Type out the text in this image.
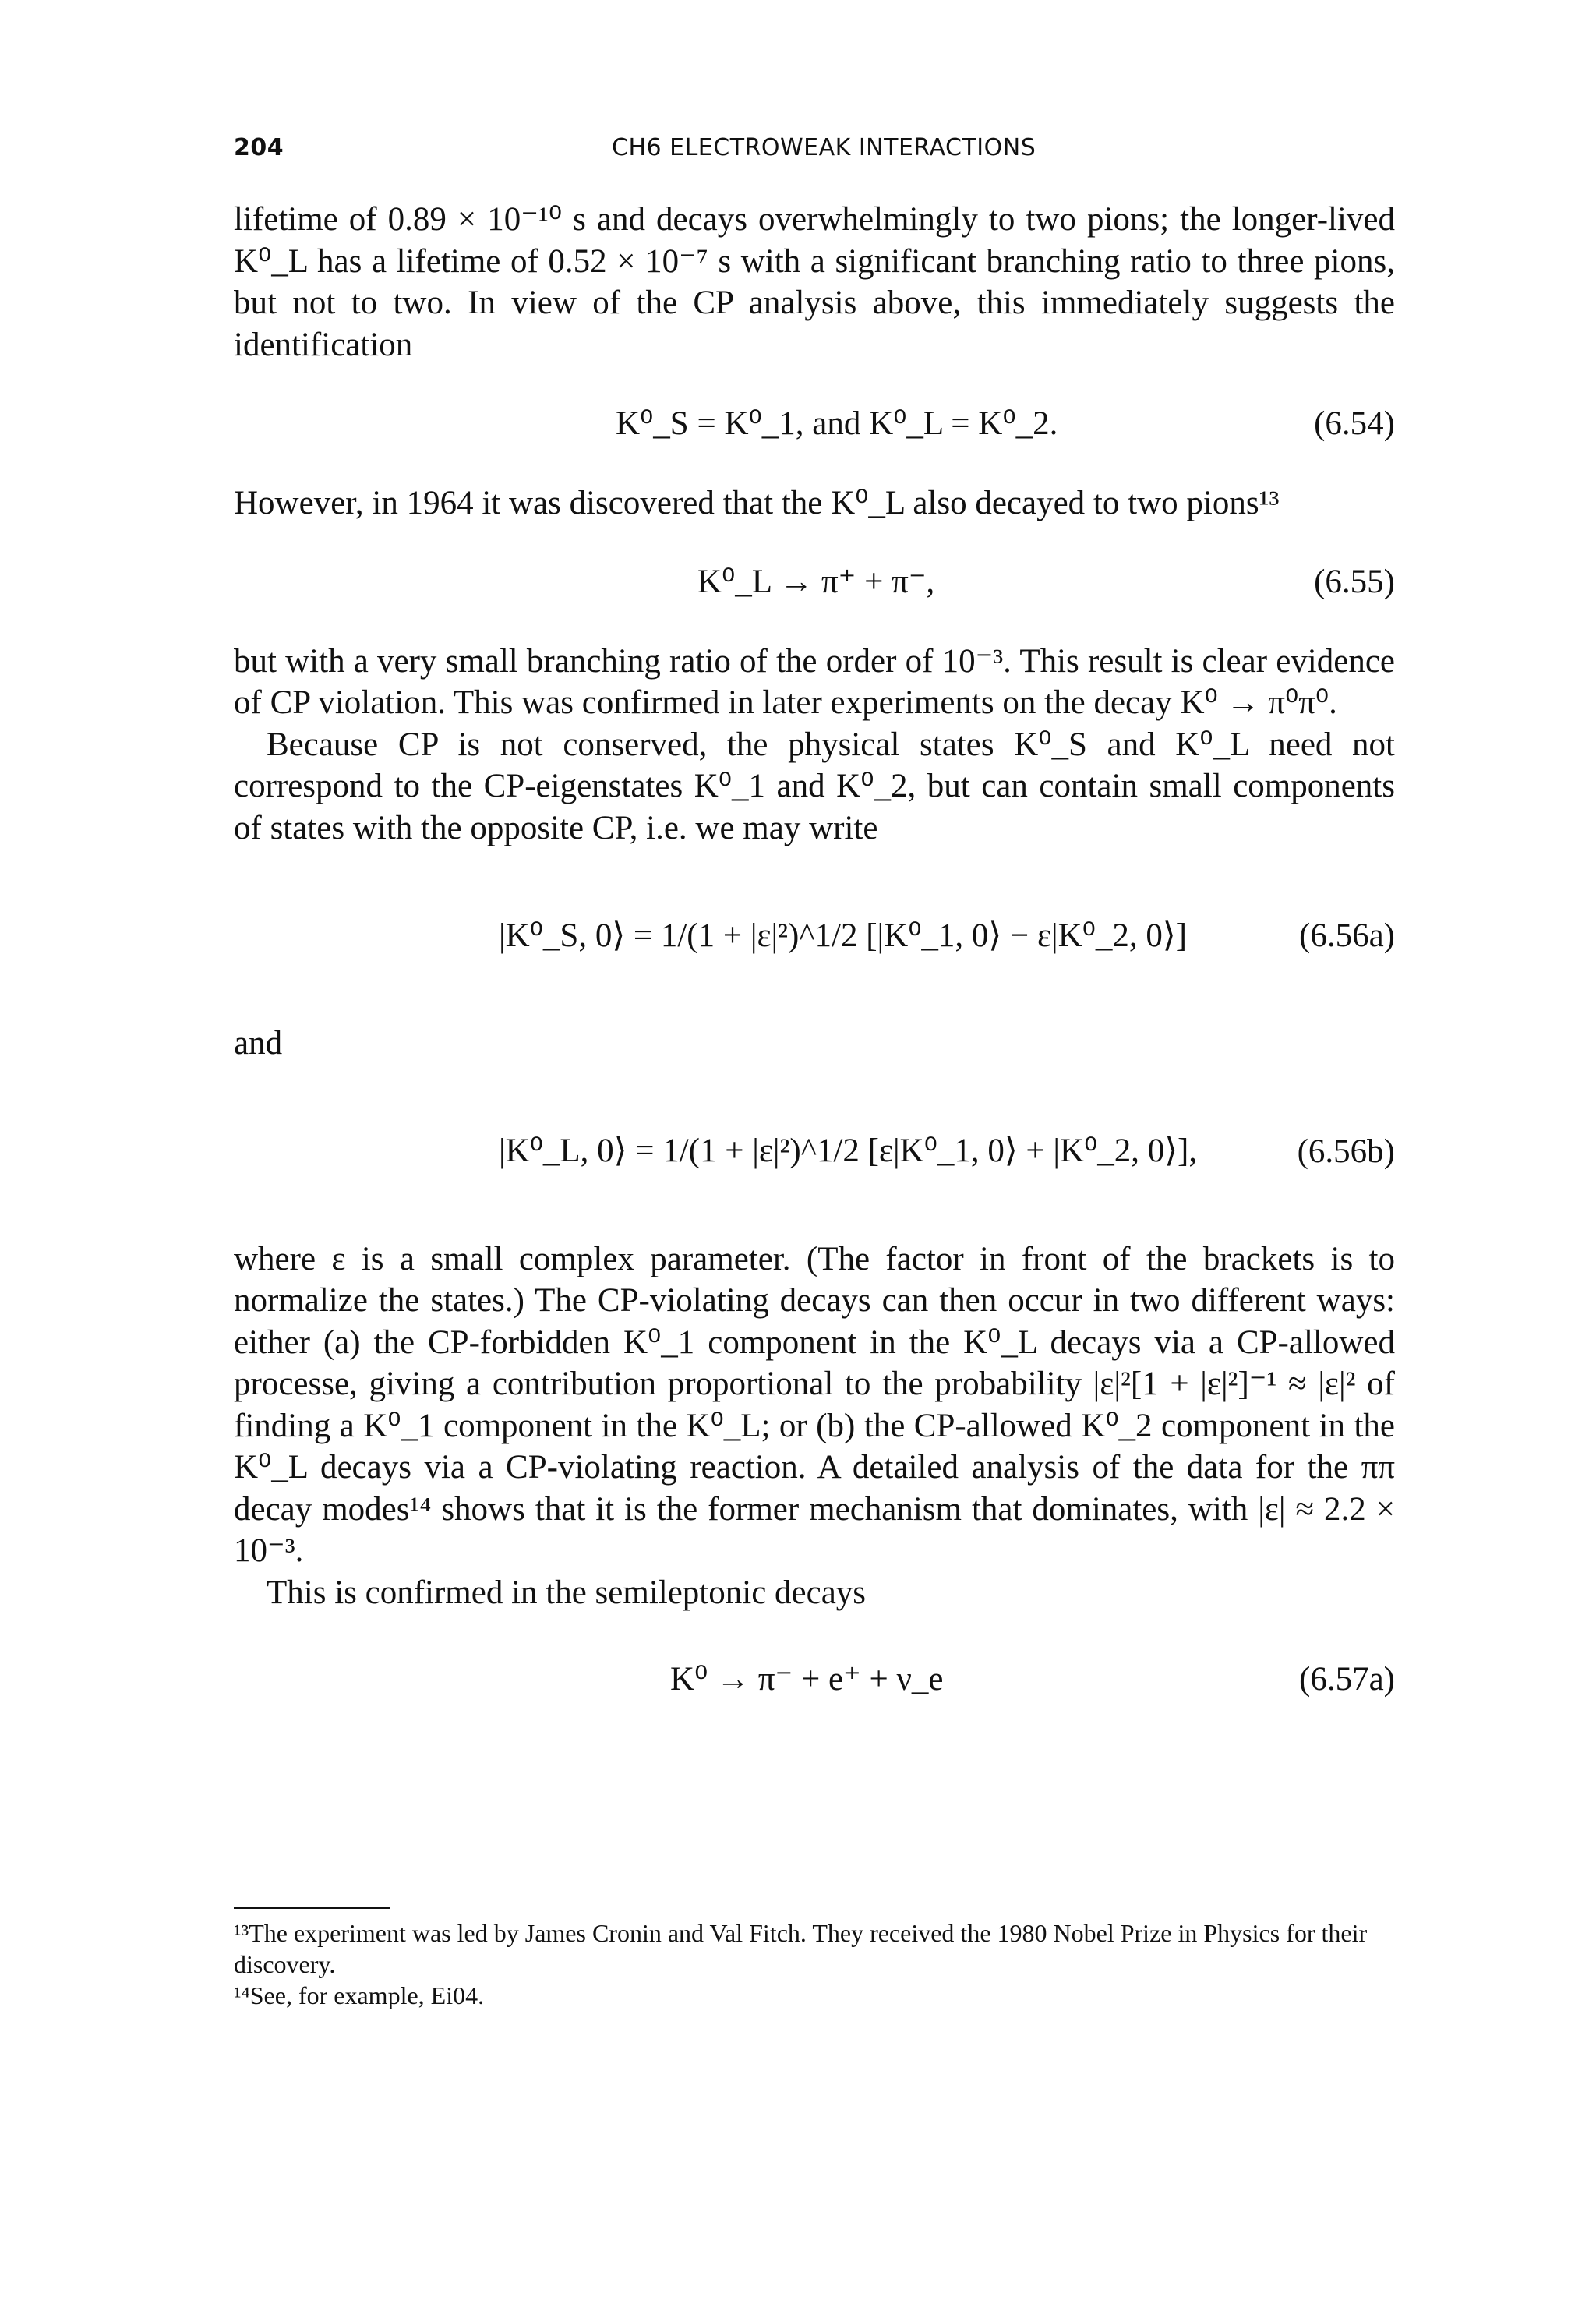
204	CH6 ELECTROWEAK INTERACTIONS

lifetime of 0.89 × 10⁻¹⁰ s and decays overwhelmingly to two pions; the longer-lived K⁰_L has a lifetime of 0.52 × 10⁻⁷ s with a significant branching ratio to three pions, but not to two. In view of the CP analysis above, this immediately suggests the identification

K⁰_S = K⁰_1, and K⁰_L = K⁰_2.	(6.54)

However, in 1964 it was discovered that the K⁰_L also decayed to two pions¹³

K⁰_L → π⁺ + π⁻,	(6.55)

but with a very small branching ratio of the order of 10⁻³. This result is clear evidence of CP violation. This was confirmed in later experiments on the decay K⁰ → π⁰π⁰.

Because CP is not conserved, the physical states K⁰_S and K⁰_L need not correspond to the CP-eigenstates K⁰_1 and K⁰_2, but can contain small components of states with the opposite CP, i.e. we may write

|K⁰_S, 0⟩ = 1/(1 + |ε|²)^1/2 [|K⁰_1, 0⟩ − ε|K⁰_2, 0⟩]	(6.56a)

and

|K⁰_L, 0⟩ = 1/(1 + |ε|²)^1/2 [ε|K⁰_1, 0⟩ + |K⁰_2, 0⟩],	(6.56b)

where ε is a small complex parameter. (The factor in front of the brackets is to normalize the states.) The CP-violating decays can then occur in two different ways: either (a) the CP-forbidden K⁰_1 component in the K⁰_L decays via a CP-allowed processe, giving a contribution proportional to the probability |ε|²[1 + |ε|²]⁻¹ ≈ |ε|² of finding a K⁰_1 component in the K⁰_L; or (b) the CP-allowed K⁰_2 component in the K⁰_L decays via a CP-violating reaction. A detailed analysis of the data for the ππ decay modes¹⁴ shows that it is the former mechanism that dominates, with |ε| ≈ 2.2 × 10⁻³.

This is confirmed in the semileptonic decays

K⁰ → π⁻ + e⁺ + ν_e	(6.57a)

¹³The experiment was led by James Cronin and Val Fitch. They received the 1980 Nobel Prize in Physics for their discovery.

¹⁴See, for example, Ei04.
